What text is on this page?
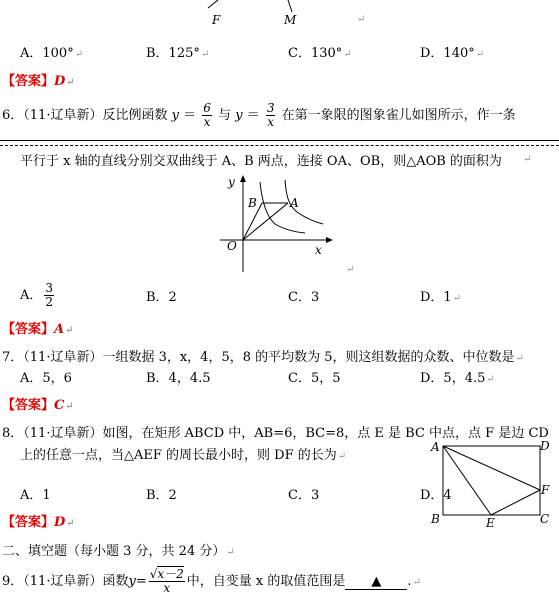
F	M	↵
A．100°↵	B．125°↵	C．130°↵	D．140°↵
【答案】D↵
6．（11·辽阜新）反比例函数 $y = \frac{6}{x}$ 与 $y = \frac{3}{x}$ 在第一象限的图象雀儿如图所示，作一条
平行于 x 轴的直线分别交双曲线于 A、B 两点，连接 OA、OB，则△AOB 的面积为 ↵
y
x
O
B	A
↵
A． $\frac{3}{2}$	B．2	C．3	D．1↵
【答案】A↵
7．（11·辽阜新）一组数据 3，x，4，5，8 的平均数为 5，则这组数据的众数、中位数是↵
A．5，6	B．4，4.5	C．5，5	D．5，4.5↵
【答案】C↵
8．（11·辽阜新）如图，在矩形 ABCD 中，AB=6，BC=8，点 E 是 BC 中点，点 F 是边 CD
上的任意一点，当△AEF 的周长最小时，则 DF 的长为↵
A．1	B．2	C．3	D．4
A	D
B	C
E
F
【答案】D↵
二、填空题（每小题 3 分，共 24 分）↵
9．（11·辽阜新）函数$y= \frac{√x-2}{x}$ 中，自变量 x 的取值范围是 ▲ .↵
